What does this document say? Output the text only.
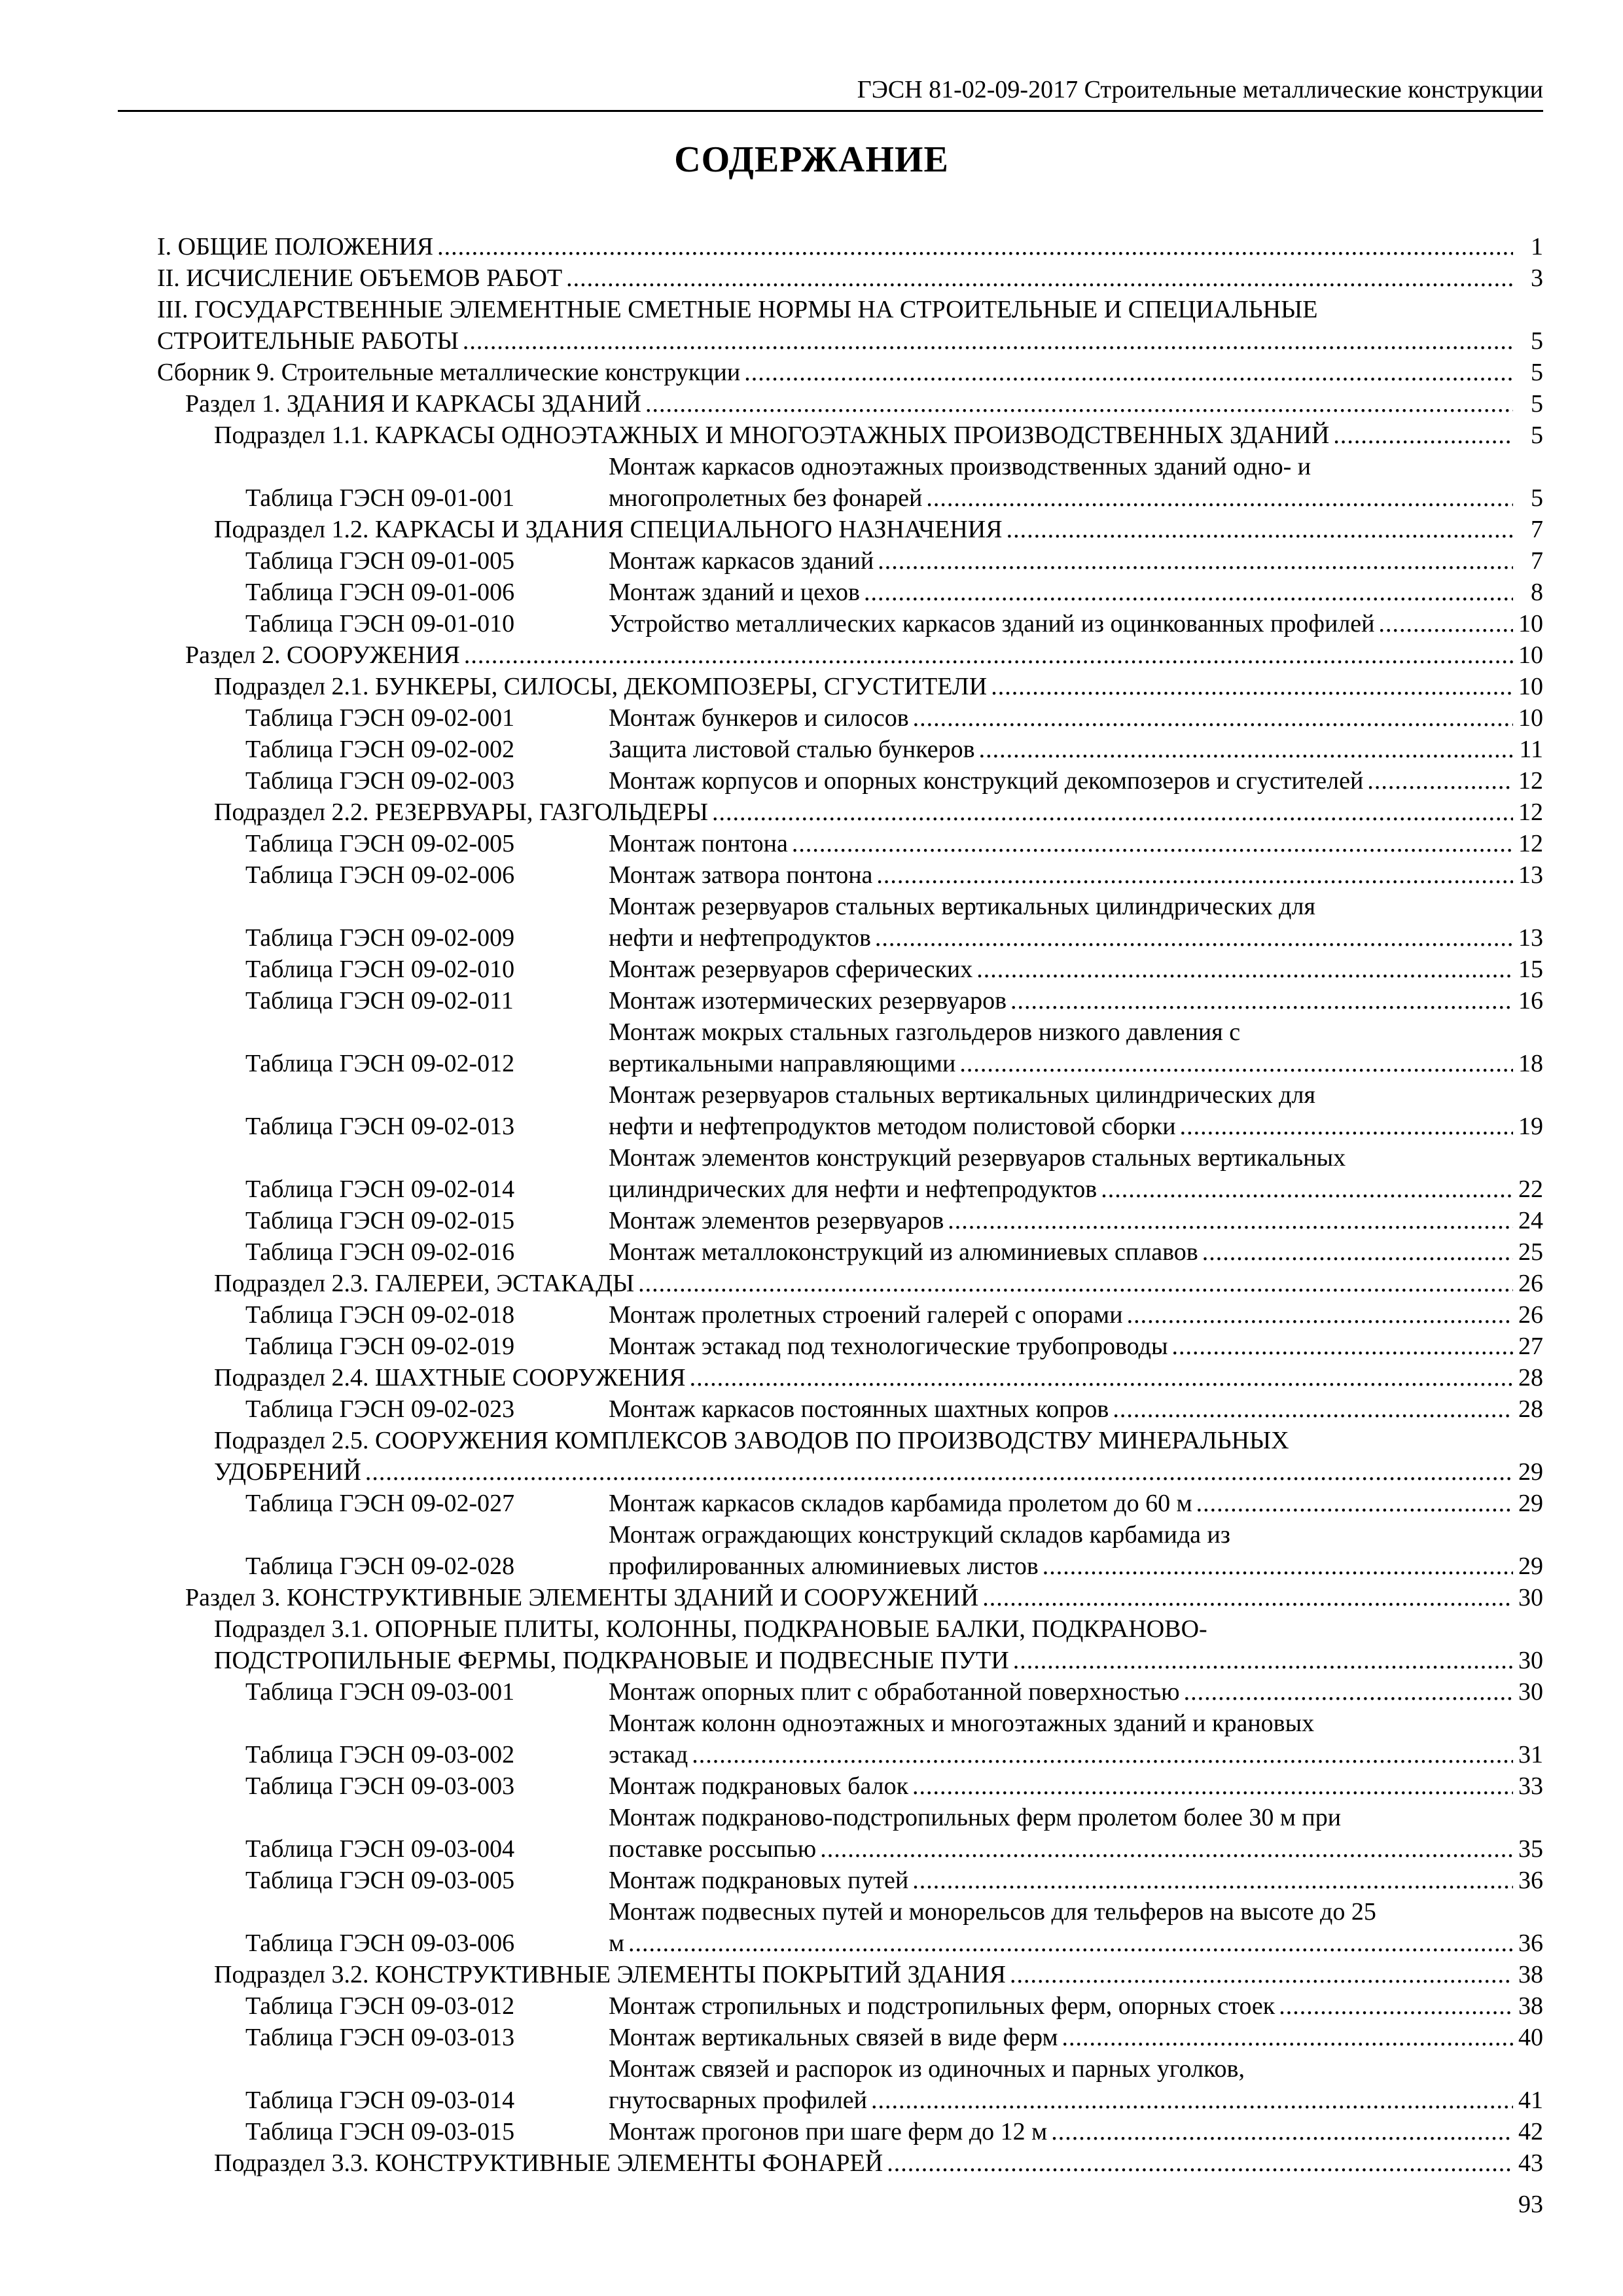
ГЭСН 81-02-09-2017 Строительные металлические конструкции
СОДЕРЖАНИЕ
I. ОБЩИЕ ПОЛОЖЕНИЯ .....	1
II. ИСЧИСЛЕНИЕ ОБЪЕМОВ РАБОТ .....	3
III. ГОСУДАРСТВЕННЫЕ ЭЛЕМЕНТНЫЕ СМЕТНЫЕ НОРМЫ НА СТРОИТЕЛЬНЫЕ И СПЕЦИАЛЬНЫЕ
СТРОИТЕЛЬНЫЕ РАБОТЫ .....	5
Сборник 9. Строительные металлические конструкции .....	5
Раздел 1. ЗДАНИЯ И КАРКАСЫ ЗДАНИЙ .....	5
Подраздел 1.1. КАРКАСЫ ОДНОЭТАЖНЫХ И МНОГОЭТАЖНЫХ ПРОИЗВОДСТВЕННЫХ ЗДАНИЙ .....	5
Таблица ГЭСН 09-01-001
Монтаж каркасов одноэтажных производственных зданий одно- и
многопролетных без фонарей .....	5
Подраздел 1.2. КАРКАСЫ И ЗДАНИЯ СПЕЦИАЛЬНОГО НАЗНАЧЕНИЯ .....	7
Таблица ГЭСН 09-01-005	Монтаж каркасов зданий .....	7
Таблица ГЭСН 09-01-006	Монтаж зданий и цехов .....	8
Таблица ГЭСН 09-01-010	Устройство металлических каркасов зданий из оцинкованных профилей .....	10
Раздел 2. СООРУЖЕНИЯ .....	10
Подраздел 2.1. БУНКЕРЫ, СИЛОСЫ, ДЕКОМПОЗЕРЫ, СГУСТИТЕЛИ .....	10
Таблица ГЭСН 09-02-001	Монтаж бункеров и силосов .....	10
Таблица ГЭСН 09-02-002	Защита листовой сталью бункеров .....	11
Таблица ГЭСН 09-02-003	Монтаж корпусов и опорных конструкций декомпозеров и сгустителей .....	12
Подраздел 2.2. РЕЗЕРВУАРЫ, ГАЗГОЛЬДЕРЫ .....	12
Таблица ГЭСН 09-02-005	Монтаж понтона .....	12
Таблица ГЭСН 09-02-006	Монтаж затвора понтона .....	13
Таблица ГЭСН 09-02-009
Монтаж резервуаров стальных вертикальных цилиндрических для
нефти и нефтепродуктов .....	13
Таблица ГЭСН 09-02-010	Монтаж резервуаров сферических .....	15
Таблица ГЭСН 09-02-011	Монтаж изотермических резервуаров .....	16
Таблица ГЭСН 09-02-012
Монтаж мокрых стальных газгольдеров низкого давления с
вертикальными направляющими .....	18
Таблица ГЭСН 09-02-013
Монтаж резервуаров стальных вертикальных цилиндрических для
нефти и нефтепродуктов методом полистовой сборки .....	19
Таблица ГЭСН 09-02-014
Монтаж элементов конструкций резервуаров стальных вертикальных
цилиндрических для нефти и нефтепродуктов .....	22
Таблица ГЭСН 09-02-015	Монтаж элементов резервуаров .....	24
Таблица ГЭСН 09-02-016	Монтаж металлоконструкций из алюминиевых сплавов .....	25
Подраздел 2.3. ГАЛЕРЕИ, ЭСТАКАДЫ .....	26
Таблица ГЭСН 09-02-018	Монтаж пролетных строений галерей с опорами .....	26
Таблица ГЭСН 09-02-019	Монтаж эстакад под технологические трубопроводы .....	27
Подраздел 2.4. ШАХТНЫЕ СООРУЖЕНИЯ .....	28
Таблица ГЭСН 09-02-023	Монтаж каркасов постоянных шахтных копров .....	28
Подраздел 2.5. СООРУЖЕНИЯ КОМПЛЕКСОВ ЗАВОДОВ ПО ПРОИЗВОДСТВУ МИНЕРАЛЬНЫХ
УДОБРЕНИЙ .....	29
Таблица ГЭСН 09-02-027	Монтаж каркасов складов карбамида пролетом до 60 м .....	29
Таблица ГЭСН 09-02-028
Монтаж ограждающих конструкций складов карбамида из
профилированных алюминиевых листов .....	29
Раздел 3. КОНСТРУКТИВНЫЕ ЭЛЕМЕНТЫ ЗДАНИЙ И СООРУЖЕНИЙ .....	30
Подраздел 3.1. ОПОРНЫЕ ПЛИТЫ, КОЛОННЫ, ПОДКРАНОВЫЕ БАЛКИ, ПОДКРАНОВО-
ПОДСТРОПИЛЬНЫЕ ФЕРМЫ, ПОДКРАНОВЫЕ И ПОДВЕСНЫЕ ПУТИ .....	30
Таблица ГЭСН 09-03-001	Монтаж опорных плит с обработанной поверхностью .....	30
Таблица ГЭСН 09-03-002
Монтаж колонн одноэтажных и многоэтажных зданий и крановых
эстакад .....	31
Таблица ГЭСН 09-03-003	Монтаж подкрановых балок .....	33
Таблица ГЭСН 09-03-004
Монтаж подкраново-подстропильных ферм пролетом более 30 м при
поставке россыпью .....	35
Таблица ГЭСН 09-03-005	Монтаж подкрановых путей .....	36
Таблица ГЭСН 09-03-006
Монтаж подвесных путей и монорельсов для тельферов на высоте до 25
м .....	36
Подраздел 3.2. КОНСТРУКТИВНЫЕ ЭЛЕМЕНТЫ ПОКРЫТИЙ ЗДАНИЯ .....	38
Таблица ГЭСН 09-03-012	Монтаж стропильных и подстропильных ферм, опорных стоек .....	38
Таблица ГЭСН 09-03-013	Монтаж вертикальных связей в виде ферм .....	40
Таблица ГЭСН 09-03-014
Монтаж связей и распорок из одиночных и парных уголков,
гнутосварных профилей .....	41
Таблица ГЭСН 09-03-015	Монтаж прогонов при шаге ферм до 12 м .....	42
Подраздел 3.3. КОНСТРУКТИВНЫЕ ЭЛЕМЕНТЫ ФОНАРЕЙ .....	43
93
